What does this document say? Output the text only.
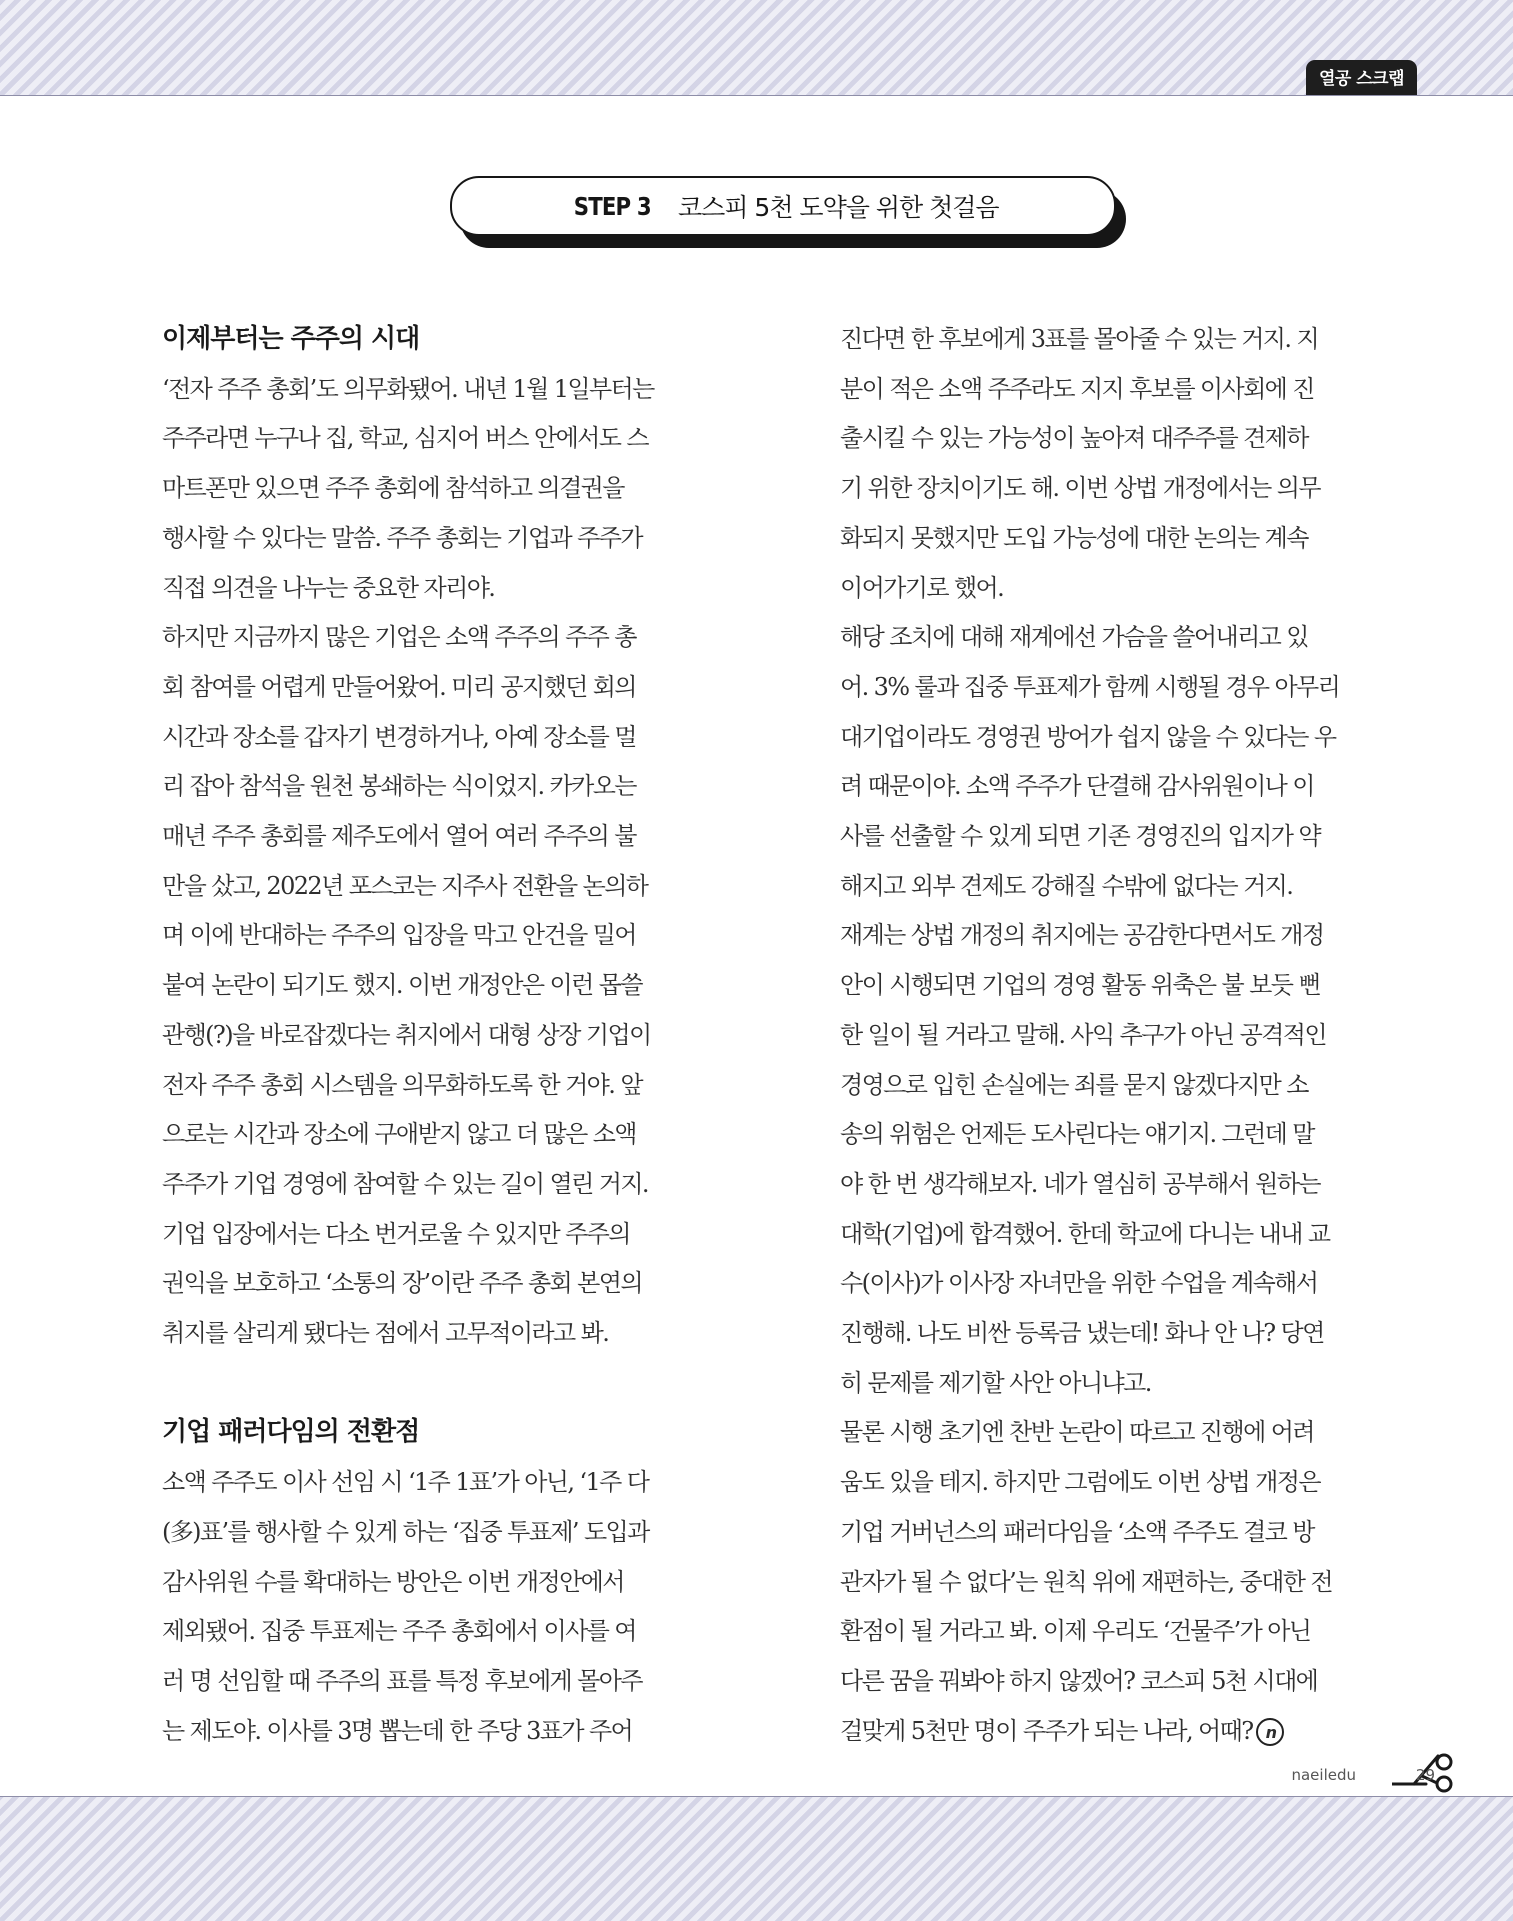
열공 스크랩
STEP 3 코스피 5천 도약을 위한 첫걸음
이제부터는 주주의 시대
‘전자 주주 총회’도 의무화됐어. 내년 1월 1일부터는
주주라면 누구나 집, 학교, 심지어 버스 안에서도 스
마트폰만 있으면 주주 총회에 참석하고 의결권을
행사할 수 있다는 말씀. 주주 총회는 기업과 주주가
직접 의견을 나누는 중요한 자리야.
하지만 지금까지 많은 기업은 소액 주주의 주주 총
회 참여를 어렵게 만들어왔어. 미리 공지했던 회의
시간과 장소를 갑자기 변경하거나, 아예 장소를 멀
리 잡아 참석을 원천 봉쇄하는 식이었지. 카카오는
매년 주주 총회를 제주도에서 열어 여러 주주의 불
만을 샀고, 2022년 포스코는 지주사 전환을 논의하
며 이에 반대하는 주주의 입장을 막고 안건을 밀어
붙여 논란이 되기도 했지. 이번 개정안은 이런 몹쓸
관행(?)을 바로잡겠다는 취지에서 대형 상장 기업이
전자 주주 총회 시스템을 의무화하도록 한 거야. 앞
으로는 시간과 장소에 구애받지 않고 더 많은 소액
주주가 기업 경영에 참여할 수 있는 길이 열린 거지.
기업 입장에서는 다소 번거로울 수 있지만 주주의
권익을 보호하고 ‘소통의 장’이란 주주 총회 본연의
취지를 살리게 됐다는 점에서 고무적이라고 봐.
기업 패러다임의 전환점
소액 주주도 이사 선임 시 ‘1주 1표’가 아닌, ‘1주 다
(多)표’를 행사할 수 있게 하는 ‘집중 투표제’ 도입과
감사위원 수를 확대하는 방안은 이번 개정안에서
제외됐어. 집중 투표제는 주주 총회에서 이사를 여
러 명 선임할 때 주주의 표를 특정 후보에게 몰아주
는 제도야. 이사를 3명 뽑는데 한 주당 3표가 주어
진다면 한 후보에게 3표를 몰아줄 수 있는 거지. 지
분이 적은 소액 주주라도 지지 후보를 이사회에 진
출시킬 수 있는 가능성이 높아져 대주주를 견제하
기 위한 장치이기도 해. 이번 상법 개정에서는 의무
화되지 못했지만 도입 가능성에 대한 논의는 계속
이어가기로 했어.
해당 조치에 대해 재계에선 가슴을 쓸어내리고 있
어. 3% 룰과 집중 투표제가 함께 시행될 경우 아무리
대기업이라도 경영권 방어가 쉽지 않을 수 있다는 우
려 때문이야. 소액 주주가 단결해 감사위원이나 이
사를 선출할 수 있게 되면 기존 경영진의 입지가 약
해지고 외부 견제도 강해질 수밖에 없다는 거지.
재계는 상법 개정의 취지에는 공감한다면서도 개정
안이 시행되면 기업의 경영 활동 위축은 불 보듯 뻔
한 일이 될 거라고 말해. 사익 추구가 아닌 공격적인
경영으로 입힌 손실에는 죄를 묻지 않겠다지만 소
송의 위험은 언제든 도사린다는 얘기지. 그런데 말
야 한 번 생각해보자. 네가 열심히 공부해서 원하는
대학(기업)에 합격했어. 한데 학교에 다니는 내내 교
수(이사)가 이사장 자녀만을 위한 수업을 계속해서
진행해. 나도 비싼 등록금 냈는데! 화나 안 나? 당연
히 문제를 제기할 사안 아니냐고.
물론 시행 초기엔 찬반 논란이 따르고 진행에 어려
움도 있을 테지. 하지만 그럼에도 이번 상법 개정은
기업 거버넌스의 패러다임을 ‘소액 주주도 결코 방
관자가 될 수 없다’는 원칙 위에 재편하는, 중대한 전
환점이 될 거라고 봐. 이제 우리도 ‘건물주’가 아닌
다른 꿈을 꿔봐야 하지 않겠어? 코스피 5천 시대에
걸맞게 5천만 명이 주주가 되는 나라, 어때? n
naeiledu	29
